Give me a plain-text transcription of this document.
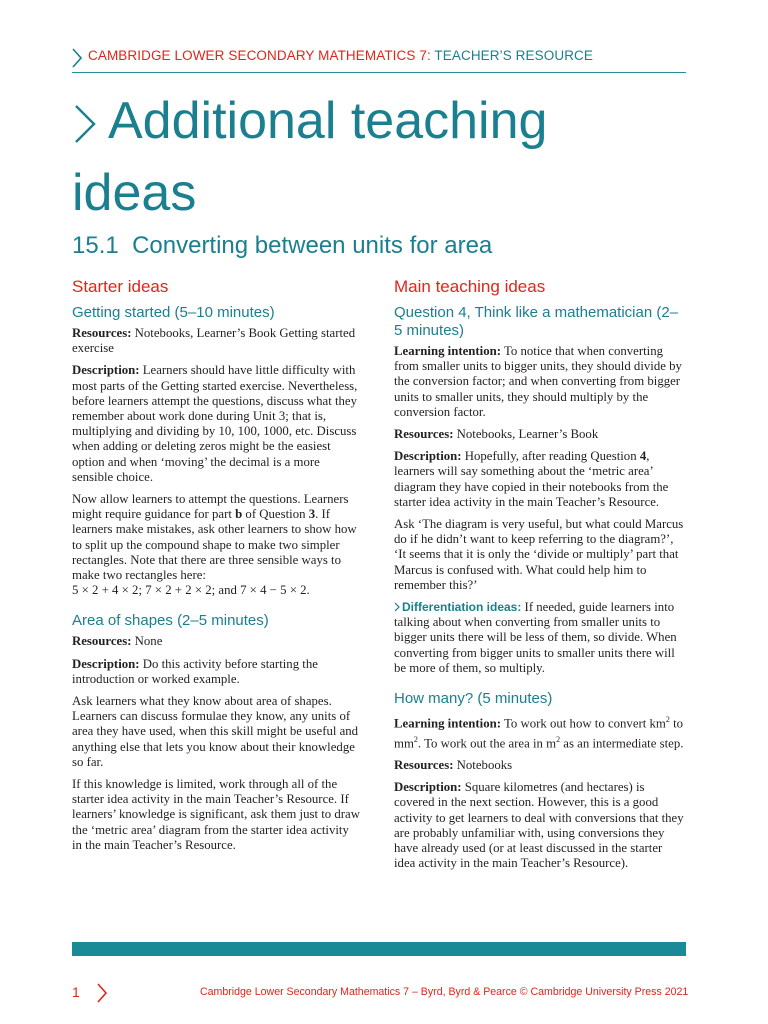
CAMBRIDGE LOWER SECONDARY MATHEMATICS 7: TEACHER’S RESOURCE
Additional teaching
ideas
15.1 Converting between units for area
Starter ideas
Getting started (5–10 minutes)

Resources: Notebooks, Learner’s Book Getting started exercise

Description: Learners should have little difficulty with most parts of the Getting started exercise. Nevertheless, before learners attempt the questions, discuss what they remember about work done during Unit 3; that is, multiplying and dividing by 10, 100, 1000, etc. Discuss when adding or deleting zeros might be the easiest option and when ‘moving’ the decimal is a more sensible choice.

Now allow learners to attempt the questions. Learners might require guidance for part b of Question 3. If learners make mistakes, ask other learners to show how to split up the compound shape to make two simpler rectangles. Note that there are three sensible ways to make two rectangles here:
5 × 2 + 4 × 2; 7 × 2 + 2 × 2; and 7 × 4 − 5 × 2.

Area of shapes (2–5 minutes)

Resources: None

Description: Do this activity before starting the introduction or worked example.

Ask learners what they know about area of shapes. Learners can discuss formulae they know, any units of area they have used, when this skill might be useful and anything else that lets you know about their knowledge so far.

If this knowledge is limited, work through all of the starter idea activity in the main Teacher’s Resource. If learners’ knowledge is significant, ask them just to draw the ‘metric area’ diagram from the starter idea activity in the main Teacher’s Resource.

Main teaching ideas
Question 4, Think like a mathematician (2–5 minutes)

Learning intention: To notice that when converting from smaller units to bigger units, they should divide by the conversion factor; and when converting from bigger units to smaller units, they should multiply by the conversion factor.

Resources: Notebooks, Learner’s Book

Description: Hopefully, after reading Question 4, learners will say something about the ‘metric area’ diagram they have copied in their notebooks from the starter idea activity in the main Teacher’s Resource.

Ask ‘The diagram is very useful, but what could Marcus do if he didn’t want to keep referring to the diagram?’, ‘It seems that it is only the ‘divide or multiply’ part that Marcus is confused with. What could help him to remember this?’

Differentiation ideas: If needed, guide learners into talking about when converting from smaller units to bigger units there will be less of them, so divide. When converting from bigger units to smaller units there will be more of them, so multiply.

How many? (5 minutes)

Learning intention: To work out how to convert $km^2$ to $mm^2$. To work out the area in $m^2$ as an intermediate step.

Resources: Notebooks

Description: Square kilometres (and hectares) is covered in the next section. However, this is a good activity to get learners to deal with conversions that they are probably unfamiliar with, using conversions they have already used (or at least discussed in the starter idea activity in the main Teacher’s Resource).

1	Cambridge Lower Secondary Mathematics 7 – Byrd, Byrd & Pearce © Cambridge University Press 2021
